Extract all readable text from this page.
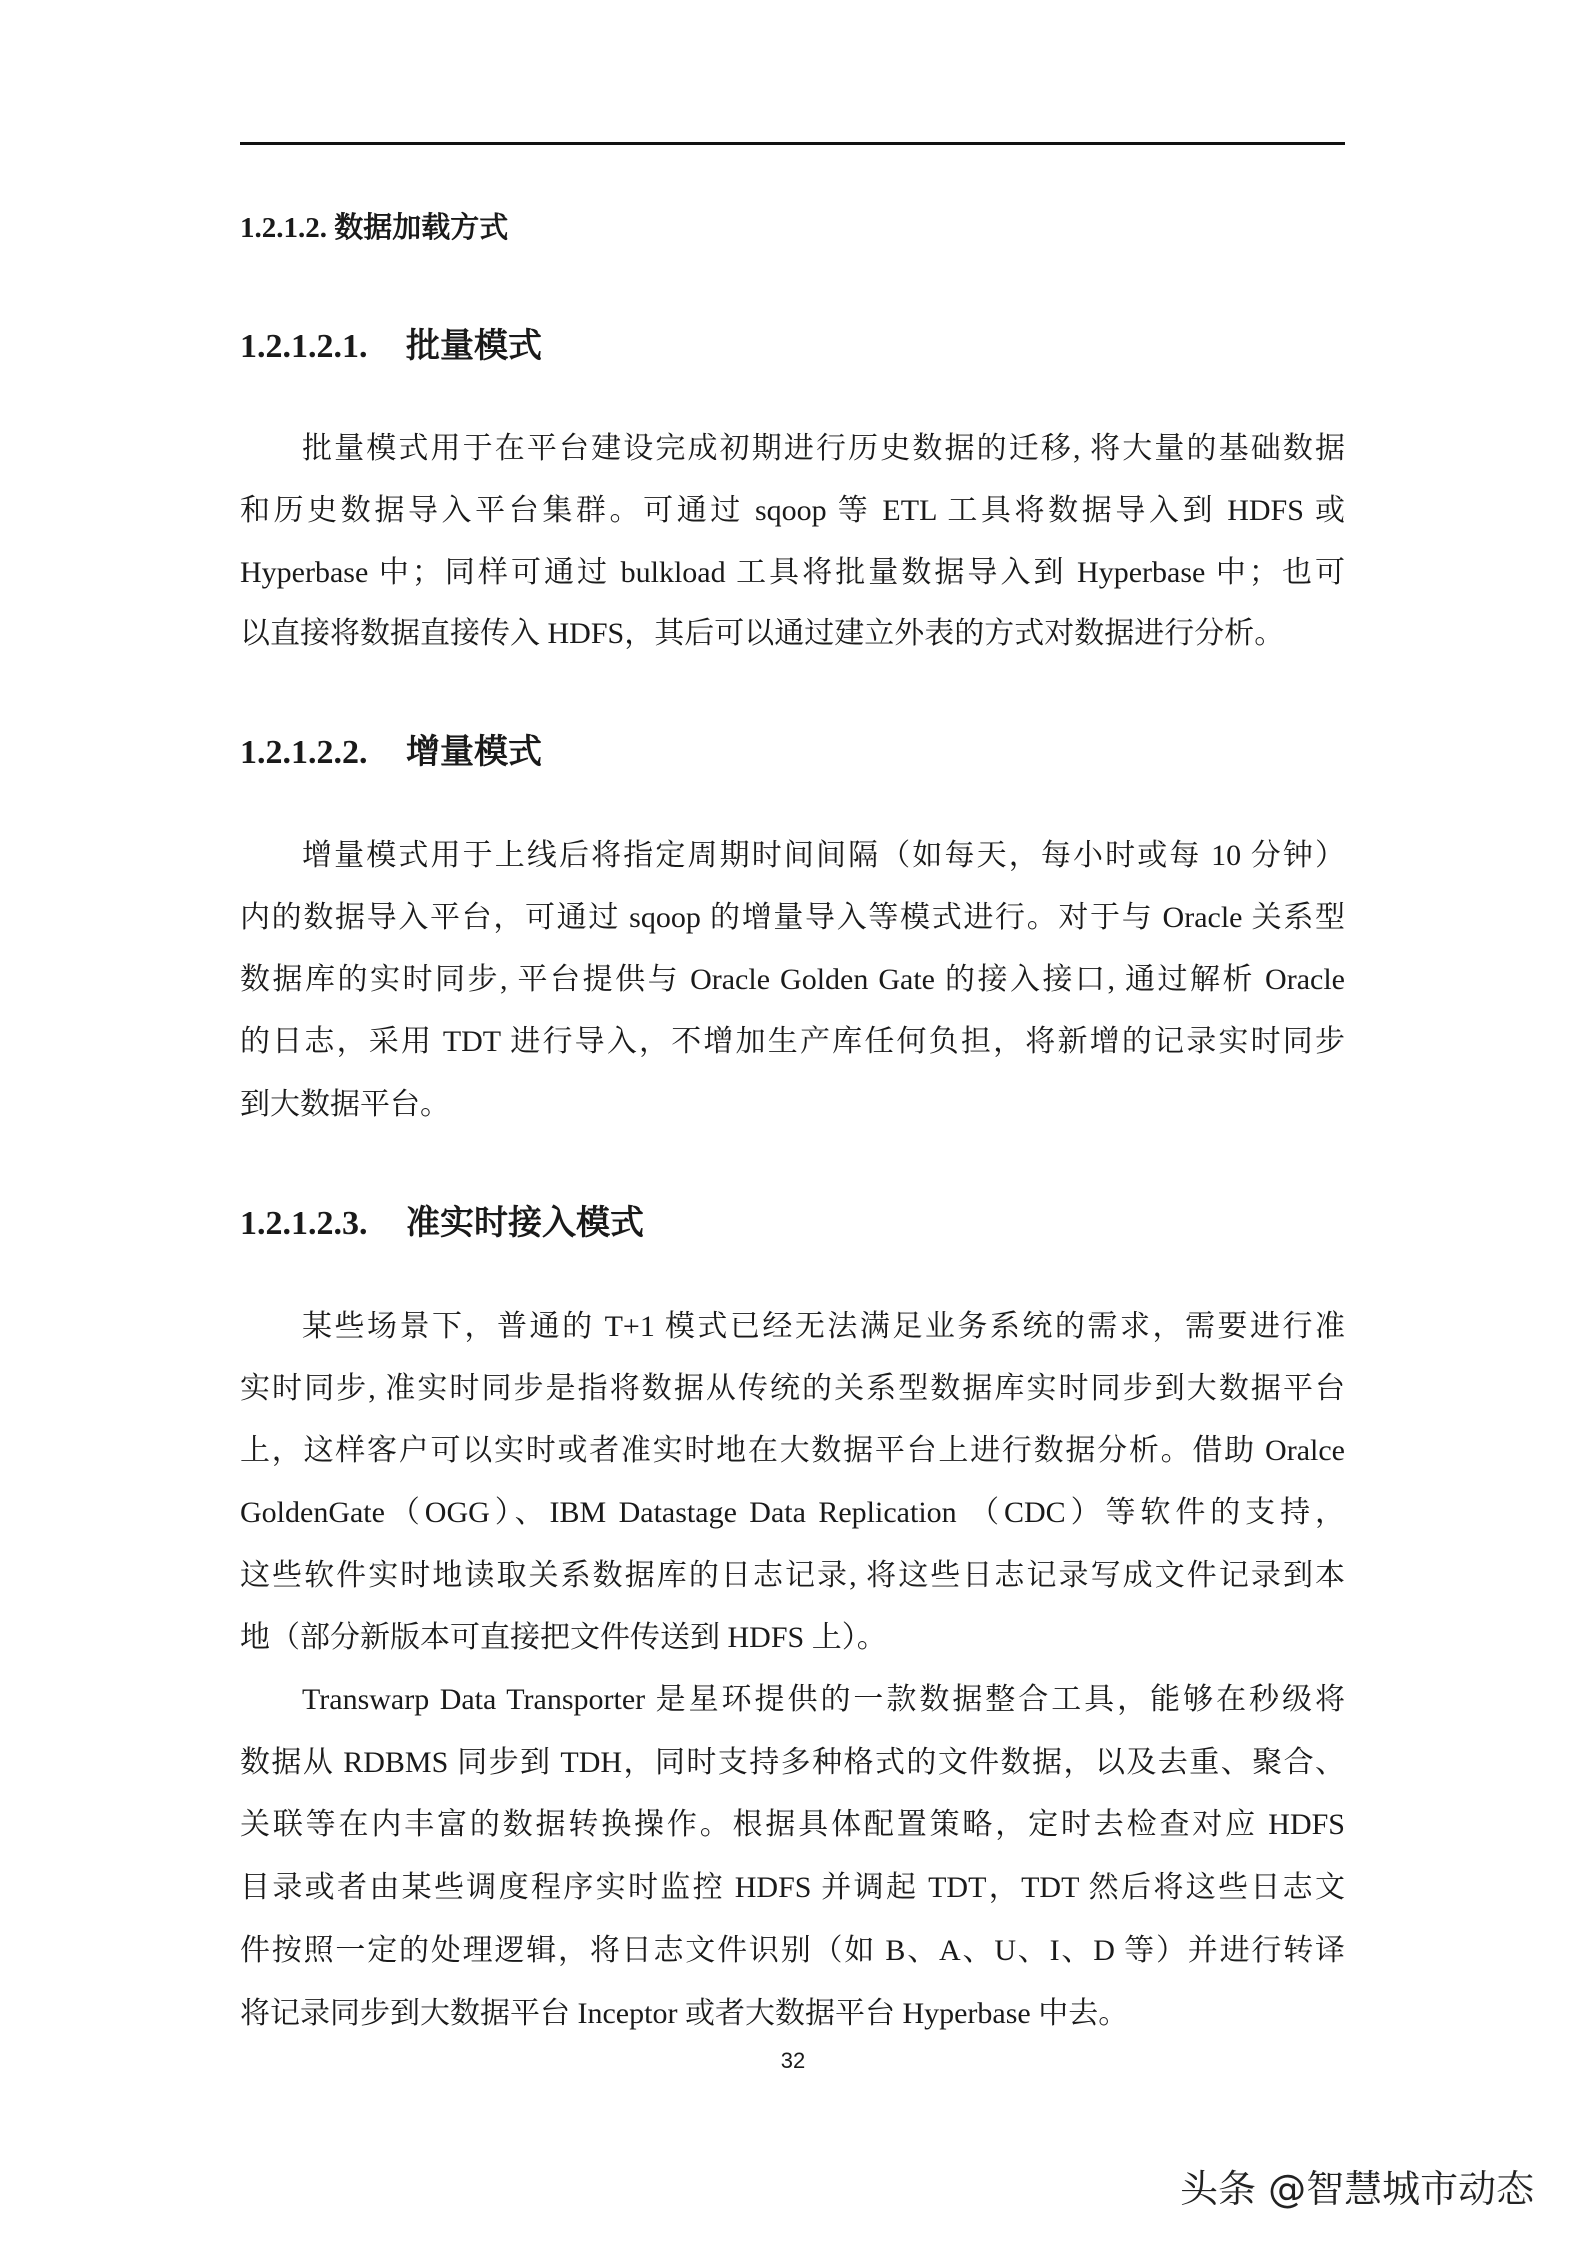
1.2.1.2. 数据加载方式
1.2.1.2.1. 批量模式
批量模式用于在平台建设完成初期进行历史数据的迁移, 将大量的基础数据
和历史数据导入平台集群。可通过 sqoop 等 ETL 工具将数据导入到 HDFS 或
Hyperbase 中；同样可通过 bulkload 工具将批量数据导入到 Hyperbase 中；也可
以直接将数据直接传入 HDFS，其后可以通过建立外表的方式对数据进行分析。
1.2.1.2.2. 增量模式
增量模式用于上线后将指定周期时间间隔（如每天，每小时或每 10 分钟）
内的数据导入平台，可通过 sqoop 的增量导入等模式进行。对于与 Oracle 关系型
数据库的实时同步, 平台提供与 Oracle Golden Gate 的接入接口, 通过解析 Oracle
的日志，采用 TDT 进行导入，不增加生产库任何负担，将新增的记录实时同步
到大数据平台。
1.2.1.2.3. 准实时接入模式
某些场景下，普通的 T+1 模式已经无法满足业务系统的需求，需要进行准
实时同步, 准实时同步是指将数据从传统的关系型数据库实时同步到大数据平台
上，这样客户可以实时或者准实时地在大数据平台上进行数据分析。借助 Oralce
GoldenGate（OGG）、IBM Datastage Data Replication （CDC）等软件的支持，
这些软件实时地读取关系数据库的日志记录, 将这些日志记录写成文件记录到本
地（部分新版本可直接把文件传送到 HDFS 上）。
Transwarp Data Transporter 是星环提供的一款数据整合工具，能够在秒级将
数据从 RDBMS 同步到 TDH，同时支持多种格式的文件数据，以及去重、聚合、
关联等在内丰富的数据转换操作。根据具体配置策略，定时去检查对应 HDFS
目录或者由某些调度程序实时监控 HDFS 并调起 TDT，TDT 然后将这些日志文
件按照一定的处理逻辑，将日志文件识别（如 B、A、U、I、D 等）并进行转译
将记录同步到大数据平台 Inceptor 或者大数据平台 Hyperbase 中去。
32
头条 @智慧城市动态
